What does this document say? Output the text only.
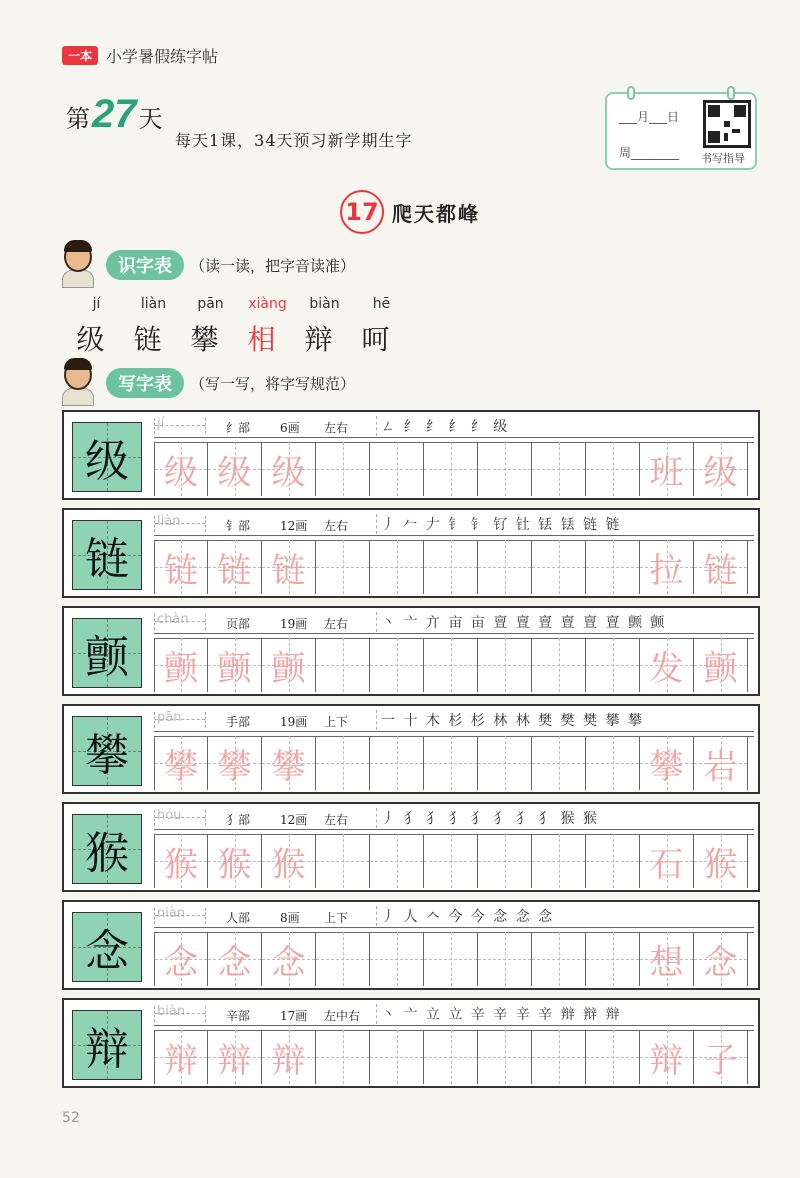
一本 小学暑假练字帖
第 27 天
每天1课，34天预习新学期生字
___月___日
周________ 书写指导
17 爬天都峰
识字表	（读一读，把字音读准）
jí	liàn	pān	xiàng	biàn	hē
级	链	攀	相	辩	呵
写字表	（写一写，将字写规范）
级
jí	纟部 6画 左右	ㄥ 纟 纟 纟 纟 级
级 级 级	班 级
链
liàn	钅部 12画 左右	丿 𠂉 𠂇 钅 钅 钌 钍 铥 铥 链 链
链 链 链	拉 链
颤
chàn	页部 19画 左右	丶 亠 亣 亩 亩 亶 亶 亶 亶 亶 亶 颤 颤
颤 颤 颤	发 颤
攀
pān	手部 19画 上下	一 十 木 杉 杉 林 林 樊 樊 樊 攀 攀
攀 攀 攀	攀 岩
猴
hóu	犭部 12画 左右	丿 犭 犭 犭 犭 犭 犭 犭 猴 猴
猴 猴 猴	石 猴
念
niàn	人部 8画 上下	丿 人 𠆢 今 今 念 念 念
念 念 念	想 念
辩
biàn	辛部 17画 左中右	丶 亠 立 立 辛 辛 辛 辛 辩 辩 辩
辩 辩 辩	辩 子
52
